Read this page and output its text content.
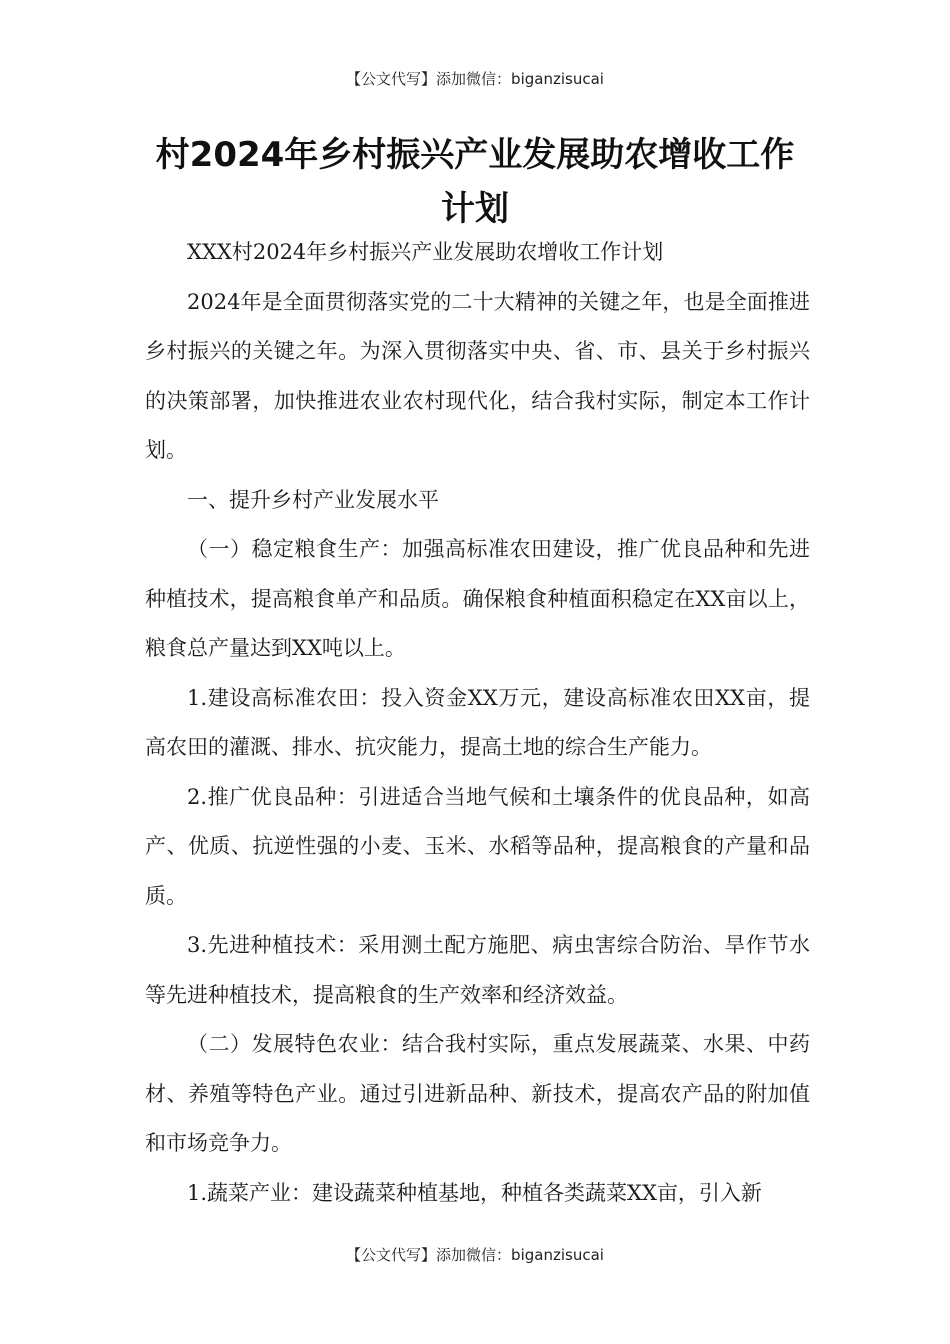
【公文代写】添加微信：biganzisucai
村2024年乡村振兴产业发展助农增收工作计划

XXX村2024年乡村振兴产业发展助农增收工作计划

2024年是全面贯彻落实党的二十大精神的关键之年，也是全面推进乡村振兴的关键之年。为深入贯彻落实中央、省、市、县关于乡村振兴的决策部署，加快推进农业农村现代化，结合我村实际，制定本工作计划。

一、提升乡村产业发展水平

（一）稳定粮食生产：加强高标准农田建设，推广优良品种和先进种植技术，提高粮食单产和品质。确保粮食种植面积稳定在XX亩以上，粮食总产量达到XX吨以上。

1.建设高标准农田：投入资金XX万元，建设高标准农田XX亩，提高农田的灌溉、排水、抗灾能力，提高土地的综合生产能力。

2.推广优良品种：引进适合当地气候和土壤条件的优良品种，如高产、优质、抗逆性强的小麦、玉米、水稻等品种，提高粮食的产量和品质。

3.先进种植技术：采用测土配方施肥、病虫害综合防治、旱作节水等先进种植技术，提高粮食的生产效率和经济效益。

（二）发展特色农业：结合我村实际，重点发展蔬菜、水果、中药材、养殖等特色产业。通过引进新品种、新技术，提高农产品的附加值和市场竞争力。

1.蔬菜产业：建设蔬菜种植基地，种植各类蔬菜XX亩，引入新

【公文代写】添加微信：biganzisucai
